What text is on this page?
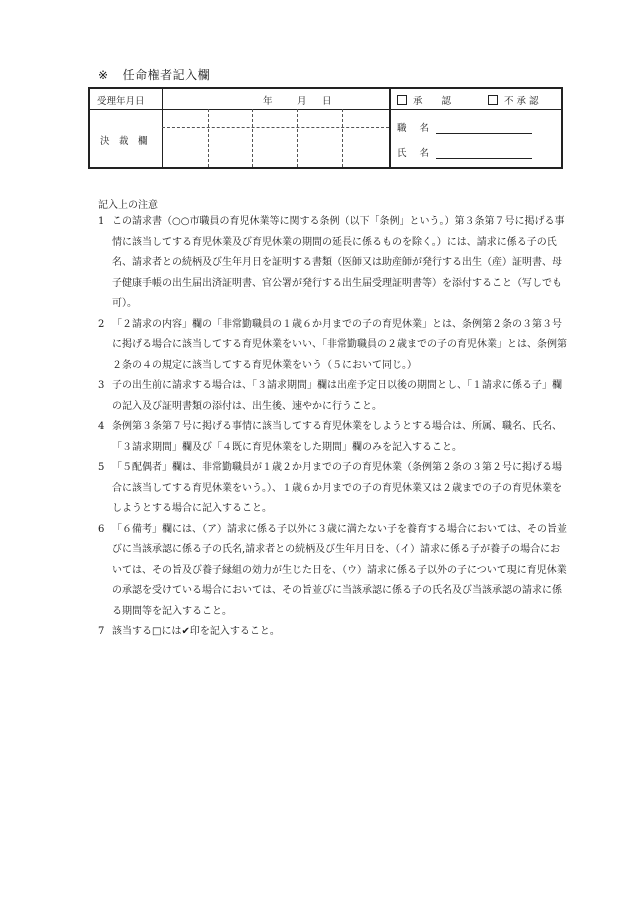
※ 任命権者記入欄
受理年月日	年	月 日	承　　認	不 承 認
決　裁　欄
職 名
氏 名
記入上の注意
1 この請求書（○○市職員の育児休業等に関する条例（以下「条例」という。）第３条第７号に掲げる事情に該当してする育児休業及び育児休業の期間の延長に係るものを除く。）には、請求に係る子の氏名、請求者との続柄及び生年月日を証明する書類（医師又は助産師が発行する出生（産）証明書、母子健康手帳の出生届出済証明書、官公署が発行する出生届受理証明書等）を添付すること（写しでも可）。
2 「２請求の内容」欄の「非常勤職員の１歳６か月までの子の育児休業」とは、条例第２条の３第３号に掲げる場合に該当してする育児休業をいい、「非常勤職員の２歳までの子の育児休業」とは、条例第２条の４の規定に該当してする育児休業をいう（５において同じ。）
3 子の出生前に請求する場合は、「３請求期間」欄は出産予定日以後の期間とし、「１請求に係る子」欄の記入及び証明書類の添付は、出生後、速やかに行うこと。
4 条例第３条第７号に掲げる事情に該当してする育児休業をしようとする場合は、所属、職名、氏名、「３請求期間」欄及び「４既に育児休業をした期間」欄のみを記入すること。
5 「５配偶者」欄は、非常勤職員が１歳２か月までの子の育児休業（条例第２条の３第２号に掲げる場合に該当してする育児休業をいう。）、１歳６か月までの子の育児休業又は２歳までの子の育児休業をしようとする場合に記入すること。
6 「６備考」欄には、（ア）請求に係る子以外に３歳に満たない子を養育する場合においては、その旨並びに当該承認に係る子の氏名,請求者との続柄及び生年月日を、（イ）請求に係る子が養子の場合においては、その旨及び養子縁組の効力が生じた日を、（ウ）請求に係る子以外の子について現に育児休業の承認を受けている場合においては、その旨並びに当該承認に係る子の氏名及び当該承認の請求に係る期間等を記入すること。
7 該当する□には✔印を記入すること。
